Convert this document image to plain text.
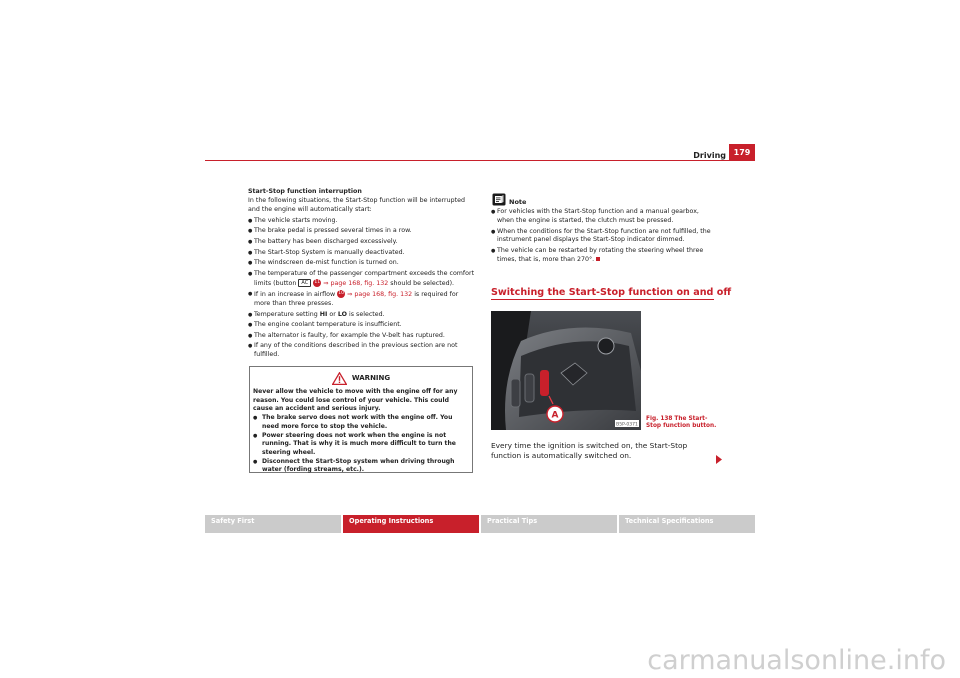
Driving 179

Start-Stop function interruption

In the following situations, the Start-Stop function will be interrupted and the engine will automatically start:

● The vehicle starts moving.
● The brake pedal is pressed several times in a row.
● The battery has been discharged excessively.
● The Start-Stop System is manually deactivated.
● The windscreen de-mist function is turned on.
● The temperature of the passenger compartment exceeds the comfort limits (button AC 11 ⇒ page 168, fig. 132 should be selected).
● If in an increase in airflow 10 ⇒ page 168, fig. 132 is required for more than three presses.
● Temperature setting HI or LO is selected.
● The engine coolant temperature is insufficient.
● The alternator is faulty, for example the V-belt has ruptured.
● If any of the conditions described in the previous section are not fulfilled.
WARNING
Never allow the vehicle to move with the engine off for any reason. You could lose control of your vehicle. This could cause an accident and serious injury.
● The brake servo does not work with the engine off. You need more force to stop the vehicle.
● Power steering does not work when the engine is not running. That is why it is much more difficult to turn the steering wheel.
● Disconnect the Start-Stop system when driving through water (fording streams, etc.).
Note
● For vehicles with the Start-Stop function and a manual gearbox, when the engine is started, the clutch must be pressed.
● When the conditions for the Start-Stop function are not fulfilled, the instrument panel displays the Start-Stop indicator dimmed.
● The vehicle can be restarted by rotating the steering wheel three times, that is, more than 270°.
Switching the Start-Stop function on and off
A
B5P-0371
Fig. 138 The Start-Stop function button.
Every time the ignition is switched on, the Start-Stop function is automatically switched on.
Safety First	Operating Instructions	Practical Tips	Technical Specifications
carmanualsonline.info
